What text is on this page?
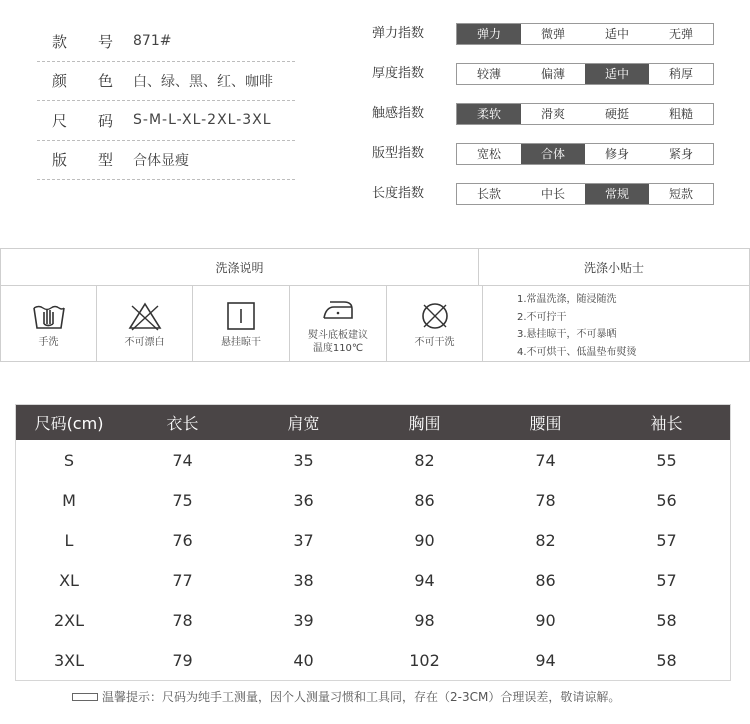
款 号 871#
颜 色 白、绿、黑、红、咖啡
尺 码 S-M-L-XL-2XL-3XL
版 型 合体显瘦
弹力指数	弹力	微弹	适中	无弹
厚度指数	较薄	偏薄	适中	稍厚
触感指数	柔软	滑爽	硬挺	粗糙
版型指数	宽松	合体	修身	紧身
长度指数	长款	中长	常规	短款
洗涤说明	洗涤小贴士
手洗	不可漂白	悬挂晾干
熨斗底板建议
温度110℃
不可干洗
1.常温洗涤，随浸随洗
2.不可拧干
3.悬挂晾干，不可暴晒
4.不可烘干、低温垫布熨烫
尺码(cm)	衣长	肩宽	胸围	腰围	袖长
S	74	35	82	74	55
M	75	36	86	78	56
L	76	37	90	82	57
XL	77	38	94	86	57
2XL	78	39	98	90	58
3XL	79	40	102	94	58
温馨提示：尺码为纯手工测量，因个人测量习惯和工具同，存在（2-3CM）合理误差，敬请谅解。
